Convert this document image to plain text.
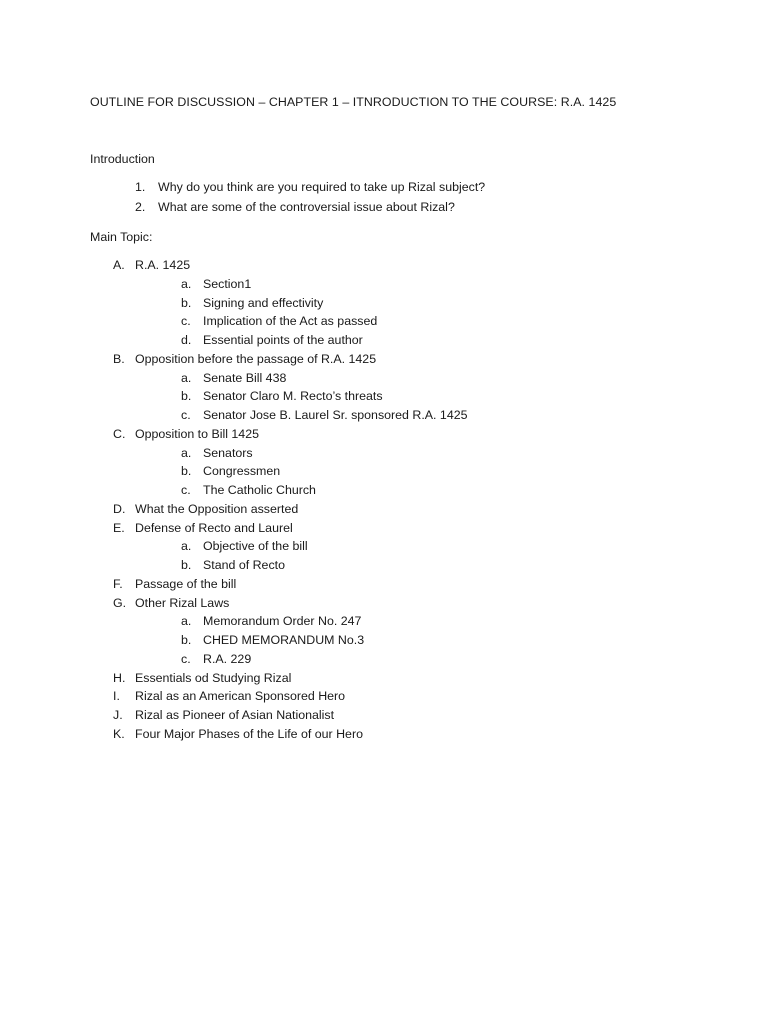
OUTLINE FOR DISCUSSION – CHAPTER 1 – ITNRODUCTION TO THE COURSE: R.A. 1425
Introduction
1.	Why do you think are you required to take up Rizal subject?
2.	What are some of the controversial issue about Rizal?
Main Topic:
A. R.A. 1425
a. Section1
b. Signing and effectivity
c. Implication of the Act as passed
d. Essential points of the author
B. Opposition before the passage of R.A. 1425
a. Senate Bill 438
b. Senator Claro M. Recto’s threats
c. Senator Jose B. Laurel Sr. sponsored R.A. 1425
C. Opposition to Bill 1425
a. Senators
b. Congressmen
c. The Catholic Church
D. What the Opposition asserted
E. Defense of Recto and Laurel
a. Objective of the bill
b. Stand of Recto
F. Passage of the bill
G. Other Rizal Laws
a. Memorandum Order No. 247
b. CHED MEMORANDUM No.3
c. R.A. 229
H. Essentials od Studying Rizal
I.	Rizal as an American Sponsored Hero
J. Rizal as Pioneer of Asian Nationalist
K. Four Major Phases of the Life of our Hero
